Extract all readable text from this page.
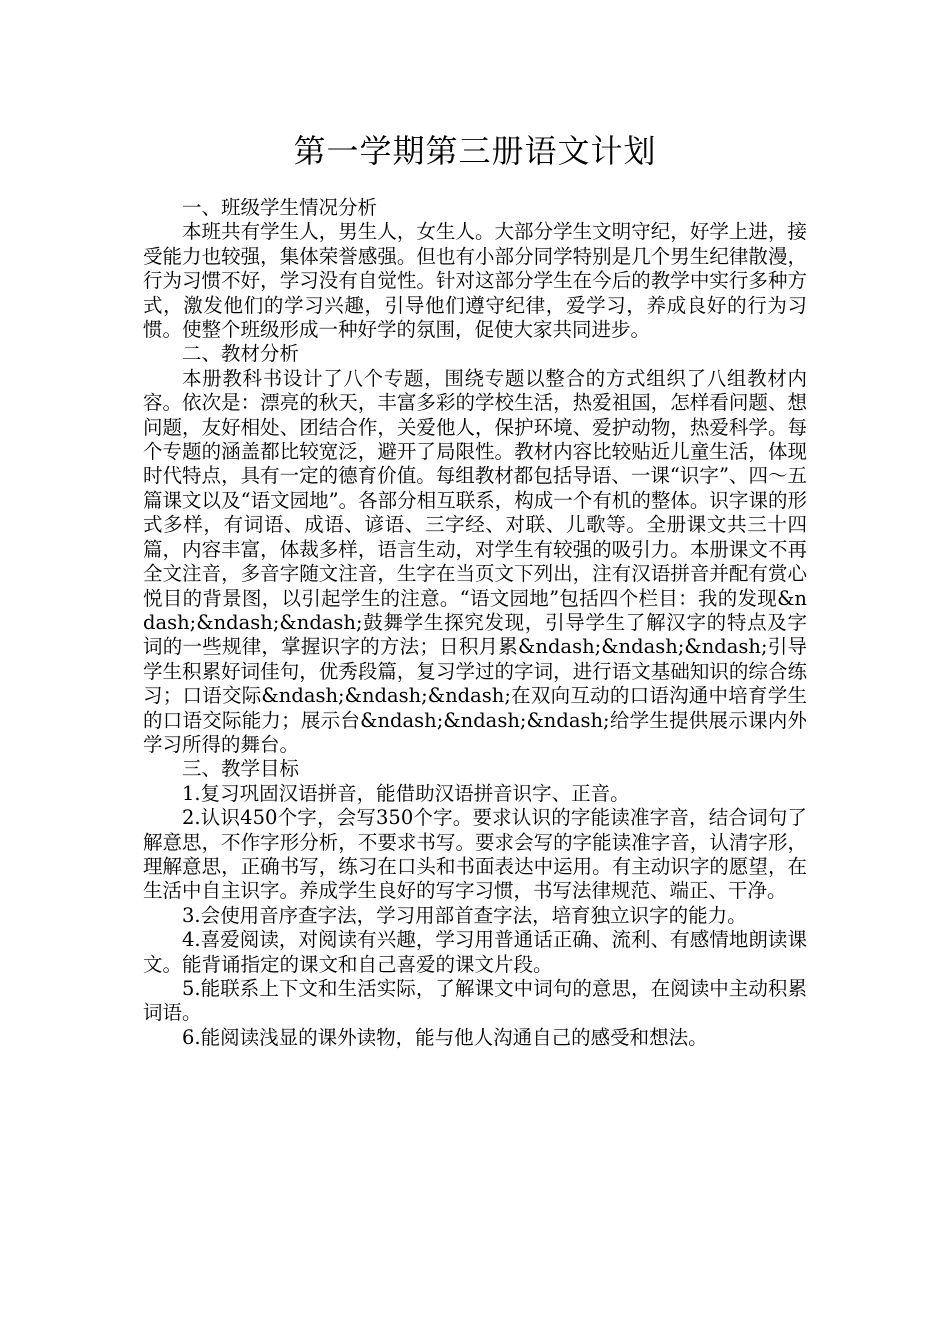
第一学期第三册语文计划

一、班级学生情况分析

本班共有学生人，男生人，女生人。大部分学生文明守纪，好学上进，接受能力也较强，集体荣誉感强。但也有小部分同学特别是几个男生纪律散漫，行为习惯不好，学习没有自觉性。针对这部分学生在今后的教学中实行多种方式，激发他们的学习兴趣，引导他们遵守纪律，爱学习，养成良好的行为习惯。使整个班级形成一种好学的氛围，促使大家共同进步。

二、教材分析

本册教科书设计了八个专题，围绕专题以整合的方式组织了八组教材内容。依次是：漂亮的秋天，丰富多彩的学校生活，热爱祖国，怎样看问题、想问题，友好相处、团结合作，关爱他人，保护环境、爱护动物，热爱科学。每个专题的涵盖都比较宽泛，避开了局限性。教材内容比较贴近儿童生活，体现时代特点，具有一定的德育价值。每组教材都包括导语、一课“识字”、四～五篇课文以及“语文园地”。各部分相互联系，构成一个有机的整体。识字课的形式多样，有词语、成语、谚语、三字经、对联、儿歌等。全册课文共三十四篇，内容丰富，体裁多样，语言生动，对学生有较强的吸引力。本册课文不再全文注音，多音字随文注音，生字在当页文下列出，注有汉语拼音并配有赏心悦目的背景图，以引起学生的注意。“语文园地”包括四个栏目：我的发现&ndash;&ndash;&ndash;鼓舞学生探究发现，引导学生了解汉字的特点及字词的一些规律，掌握识字的方法；日积月累&ndash;&ndash;&ndash;引导学生积累好词佳句，优秀段篇，复习学过的字词，进行语文基础知识的综合练习；口语交际&ndash;&ndash;&ndash;在双向互动的口语沟通中培育学生的口语交际能力；展示台&ndash;&ndash;&ndash;给学生提供展示课内外学习所得的舞台。

三、教学目标

1.复习巩固汉语拼音，能借助汉语拼音识字、正音。

2.认识450个字，会写350个字。要求认识的字能读准字音，结合词句了解意思，不作字形分析，不要求书写。要求会写的字能读准字音，认清字形，理解意思，正确书写，练习在口头和书面表达中运用。有主动识字的愿望，在生活中自主识字。养成学生良好的写字习惯，书写法律规范、端正、干净。

3.会使用音序查字法，学习用部首查字法，培育独立识字的能力。

4.喜爱阅读，对阅读有兴趣，学习用普通话正确、流利、有感情地朗读课文。能背诵指定的课文和自己喜爱的课文片段。

5.能联系上下文和生活实际，了解课文中词句的意思，在阅读中主动积累词语。

6.能阅读浅显的课外读物，能与他人沟通自己的感受和想法。
